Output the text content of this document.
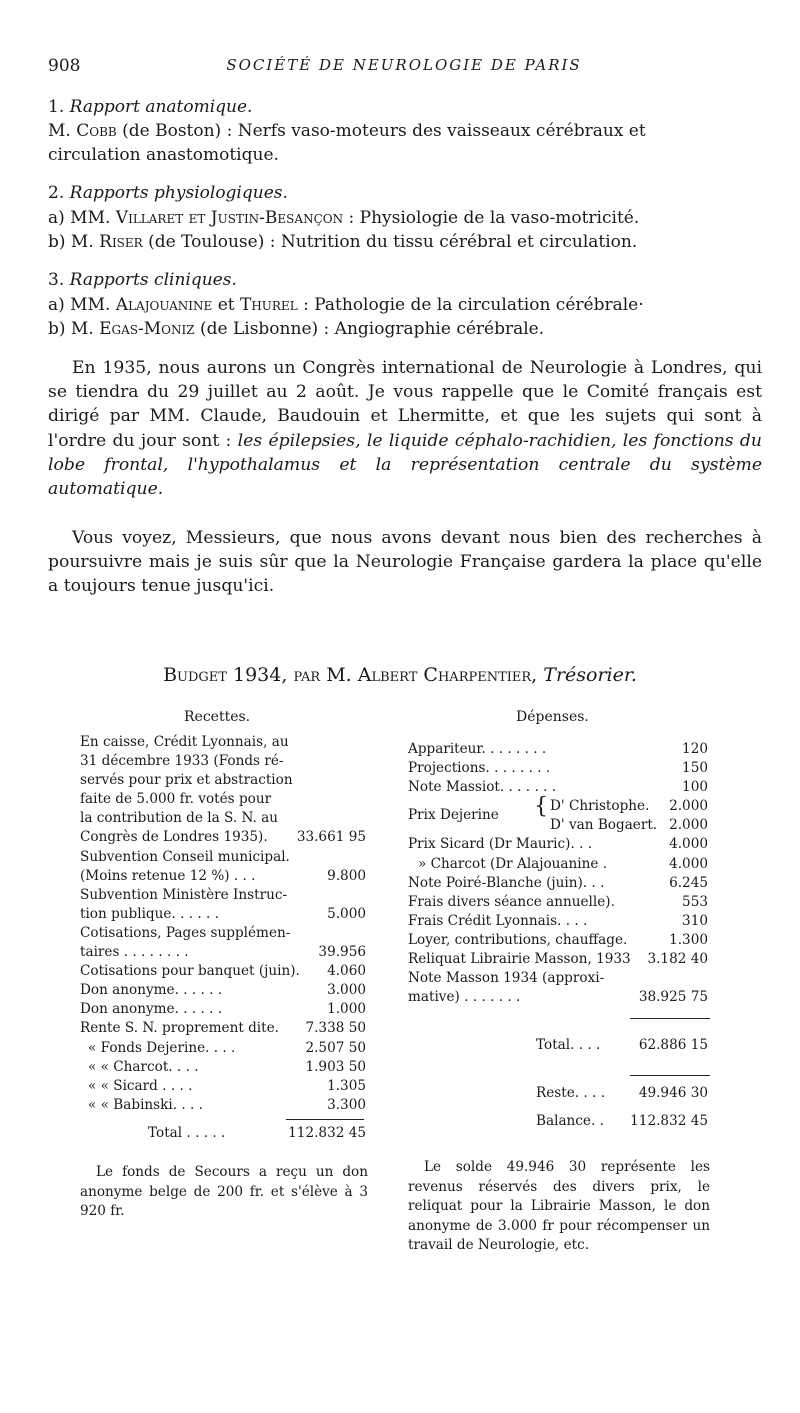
908	SOCIÉTÉ DE NEUROLOGIE DE PARIS
1. Rapport anatomique.
M. Cobb (de Boston) : Nerfs vaso-moteurs des vaisseaux cérébraux et
circulation anastomotique.
2. Rapports physiologiques.
a) MM. Villaret et Justin-Besançon : Physiologie de la vaso-motricité.
b) M. Riser (de Toulouse) : Nutrition du tissu cérébral et circulation.
3. Rapports cliniques.
a) MM. Alajouanine et Thurel : Pathologie de la circulation cérébrale·
b) M. Egas-Moniz (de Lisbonne) : Angiographie cérébrale.

En 1935, nous aurons un Congrès international de Neurologie à Londres, qui se tiendra du 29 juillet au 2 août. Je vous rappelle que le Comité français est dirigé par MM. Claude, Baudouin et Lhermitte, et que les sujets qui sont à l'ordre du jour sont : les épilepsies, le liquide céphalo-rachidien, les fonctions du lobe frontal, l'hypothalamus et la représentation centrale du système automatique.

Vous voyez, Messieurs, que nous avons devant nous bien des recherches à poursuivre mais je suis sûr que la Neurologie Française gardera la place qu'elle a toujours tenue jusqu'ici.

Budget 1934, par M. Albert Charpentier, Trésorier.
Recettes.	Dépenses.
En caisse, Crédit Lyonnais, au
31 décembre 1933 (Fonds ré-
servés pour prix et abstraction
faite de 5.000 fr. votés pour
la contribution de la S. N. au
Congrès de Londres 1935). 33.661 95
Subvention Conseil municipal.
(Moins retenue 12 %) . . .	9.800
Subvention Ministère Instruc-
tion publique. . . . . .	5.000
Cotisations, Pages supplémen-
taires . . . . . . . .	39.956
Cotisations pour banquet (juin). 4.060
Don anonyme. . . . . .	3.000
Don anonyme. . . . . .	1.000
Rente S. N. proprement dite. 7.338 50
« Fonds Dejerine. . . .	2.507 50
« « Charcot. . . .	1.903 50
« « Sicard . . . .	1.305
« « Babinski. . . .	3.300
Total . . . . .	112.832 45

Le fonds de Secours a reçu un don anonyme belge de 200 fr. et s'élève à 3 920 fr.

Appariteur. . . . . . . .	120
Projections. . . . . . . .	150
Note Massiot. . . . . . .	100
Prix Dejerine
D' Christophe. 2.000
D' van Bogaert. 2.000
Prix Sicard (Dr Mauric). . .	4.000
» Charcot (Dr Alajouanine .	4.000
Note Poiré-Blanche (juin). . .	6.245
Frais divers séance annuelle).	553
Frais Crédit Lyonnais. . . .	310
Loyer, contributions, chauffage.	1.300
Reliquat Librairie Masson, 1933 3.182 40
Note Masson 1934 (approxi-
mative) . . . . . . .	38.925 75
{
Total. . . .	62.886 15
Reste. . . . 49.946 30
Balance. . 112.832 45

Le solde 49.946 30 représente les revenus réservés des divers prix, le reliquat pour la Librairie Masson, le don anonyme de 3.000 fr pour récompenser un travail de Neurologie, etc.
